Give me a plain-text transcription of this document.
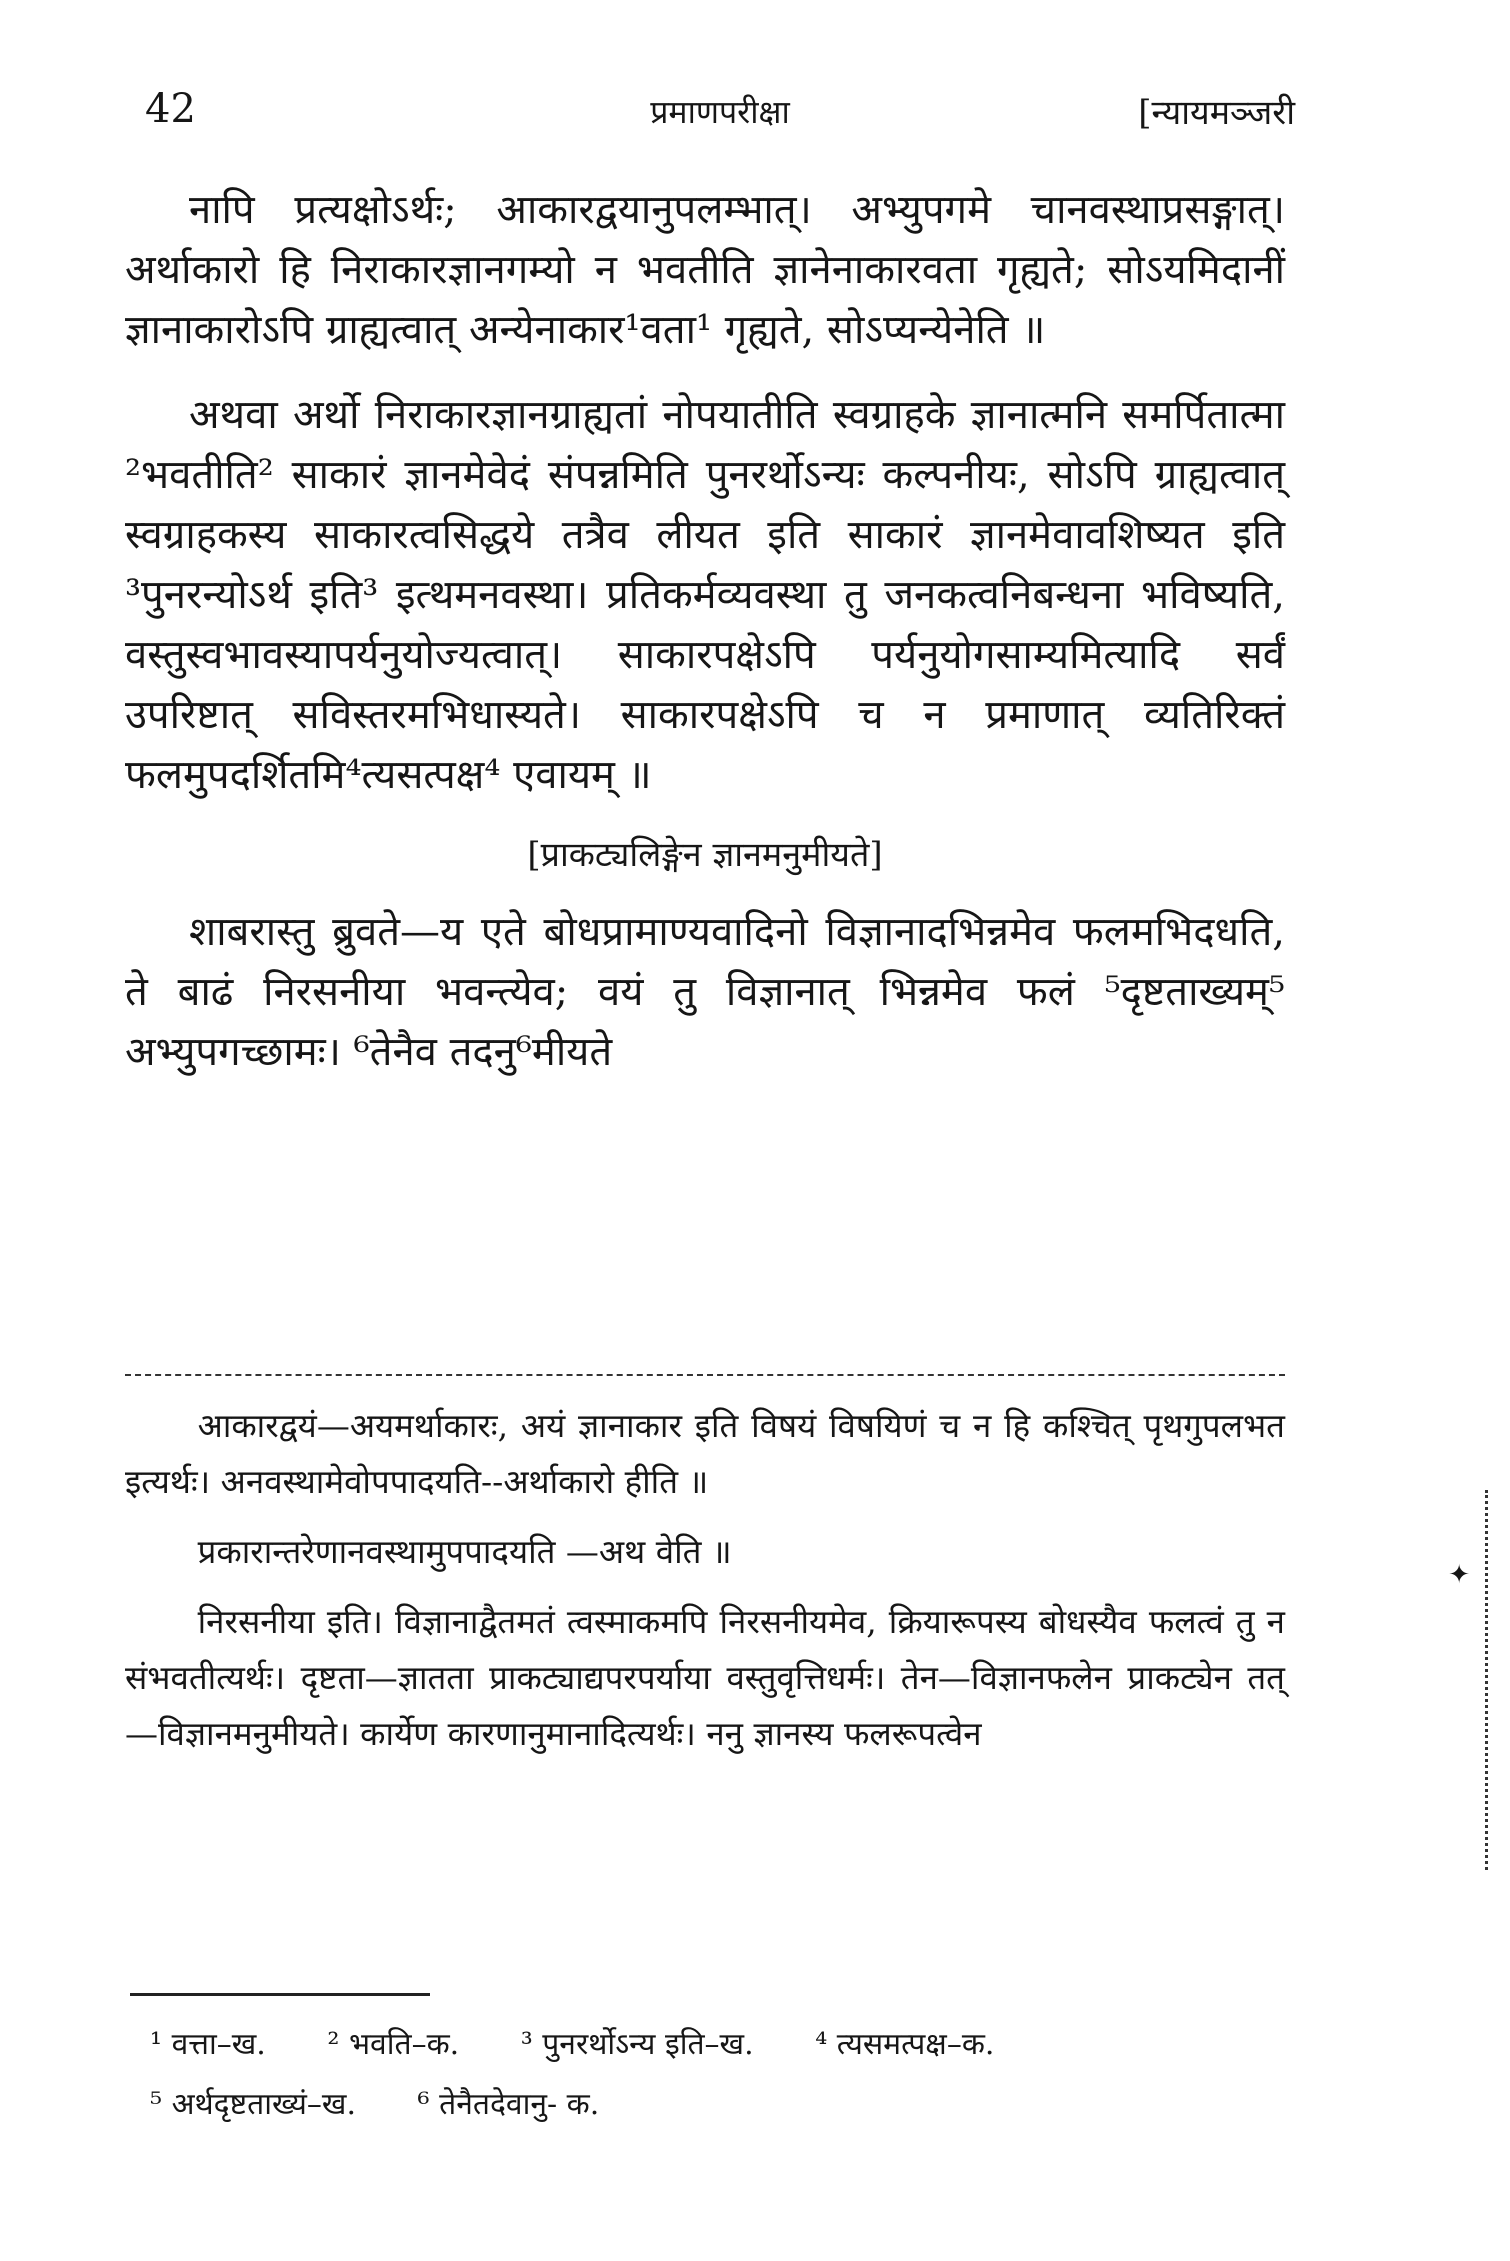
42	प्रमाणपरीक्षा	[न्यायमञ्जरी

नापि प्रत्यक्षोऽर्थः; आकारद्वयानुपलम्भात्। अभ्युपगमे चानवस्थाप्रसङ्गात्। अर्थाकारो हि निराकारज्ञानगम्यो न भवतीति ज्ञानेनाकारवता गृह्यते; सोऽयमिदानीं ज्ञानाकारोऽपि ग्राह्यत्वात् अन्येनाकार¹वता¹ गृह्यते, सोऽप्यन्येनेति ॥

अथवा अर्थो निराकारज्ञानग्राह्यतां नोपयातीति स्वग्राहके ज्ञानात्मनि समर्पितात्मा ²भवतीति² साकारं ज्ञानमेवेदं संपन्नमिति पुनरर्थोऽन्यः कल्पनीयः, सोऽपि ग्राह्यत्वात् स्वग्राहकस्य साकारत्वसिद्धये तत्रैव लीयत इति साकारं ज्ञानमेवावशिष्यत इति ³पुनरन्योऽर्थ इति³ इत्थमनवस्था। प्रतिकर्मव्यवस्था तु जनकत्वनिबन्धना भविष्यति, वस्तुस्वभावस्यापर्यनुयोज्यत्वात्। साकारपक्षेऽपि पर्यनुयोगसाम्यमित्यादि सर्वं उपरिष्टात् सविस्तरमभिधास्यते। साकारपक्षेऽपि च न प्रमाणात् व्यतिरिक्तं फलमुपदर्शितमि⁴त्यसत्पक्ष⁴ एवायम् ॥

[प्राकट्यलिङ्गेन ज्ञानमनुमीयते]

शाबरास्तु ब्रुवते—य एते बोधप्रामाण्यवादिनो विज्ञानादभिन्नमेव फलमभिदधति, ते बाढं निरसनीया भवन्त्येव; वयं तु विज्ञानात् भिन्नमेव फलं ⁵दृष्टताख्यम्⁵ अभ्युपगच्छामः। ⁶तेनैव तदनु⁶मीयते

आकारद्वयं—अयमर्थाकारः, अयं ज्ञानाकार इति विषयं विषयिणं च न हि कश्चित् पृथगुपलभत इत्यर्थः। अनवस्थामेवोपपादयति--अर्थाकारो हीति ॥

प्रकारान्तरेणानवस्थामुपपादयति —अथ वेति ॥

निरसनीया इति। विज्ञानाद्वैतमतं त्वस्माकमपि निरसनीयमेव, क्रियारूपस्य बोधस्यैव फलत्वं तु न संभवतीत्यर्थः। दृष्टता—ज्ञातता प्राकट्याद्यपरपर्याया वस्तुवृत्तिधर्मः। तेन—विज्ञानफलेन प्राकट्येन तत्—विज्ञानमनुमीयते। कार्येण कारणानुमानादित्यर्थः। ननु ज्ञानस्य फलरूपत्वेन

¹ वत्ता–ख. ² भवति–क. ³ पुनरर्थोऽन्य इति–ख. ⁴ त्यसमत्पक्ष–क.
⁵ अर्थदृष्टताख्यं–ख. ⁶ तेनैतदेवानु- क.
✦
